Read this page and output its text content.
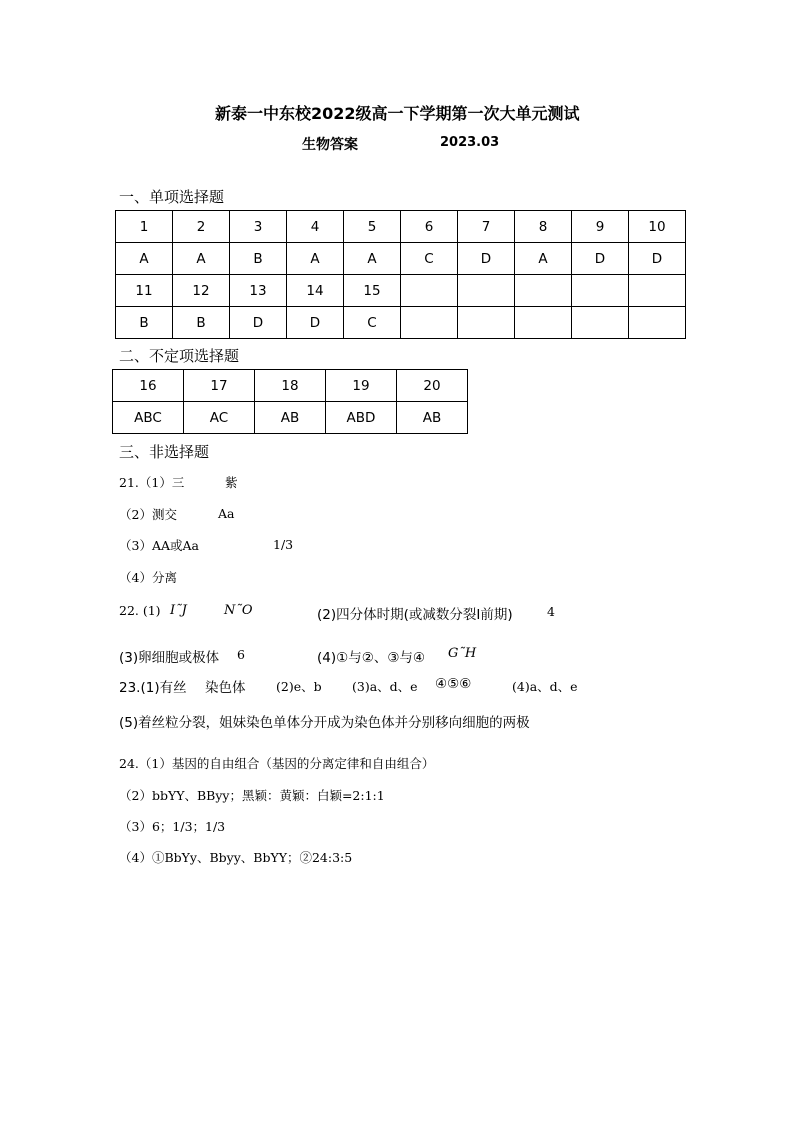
新泰一中东校2022级高一下学期第一次大单元测试
生物答案	2023.03
一、单项选择题
1	2	3	4	5	6	7	8	9	10
A	A	B	A	A	C	D	A	D	D
11	12	13	14	15					
B	B	D	D	C					
二、不定项选择题
16	17	18	19	20
ABC	AC	AB	ABD	AB
三、非选择题
21.（1）三	紫
（2）测交	Aa
（3）AA或Aa	1/3
（4）分离
22. (1) I˜J	N˜O	(2)四分体时期(或减数分裂Ⅰ前期)	4
(3)卵细胞或极体 6	(4)①与②、③与④ G˜H
23.(1)有丝 染色体 (2)e、b (3)a、d、e ④⑤⑥	(4)a、d、e
(5)着丝粒分裂，姐妹染色单体分开成为染色体并分别移向细胞的两极
24.（1）基因的自由组合（基因的分离定律和自由组合）
（2）bbYY、BByy；黑颖：黄颖：白颖=2:1:1
（3）6；1/3；1/3
（4）①BbYy、Bbyy、BbYY；②24:3:5
